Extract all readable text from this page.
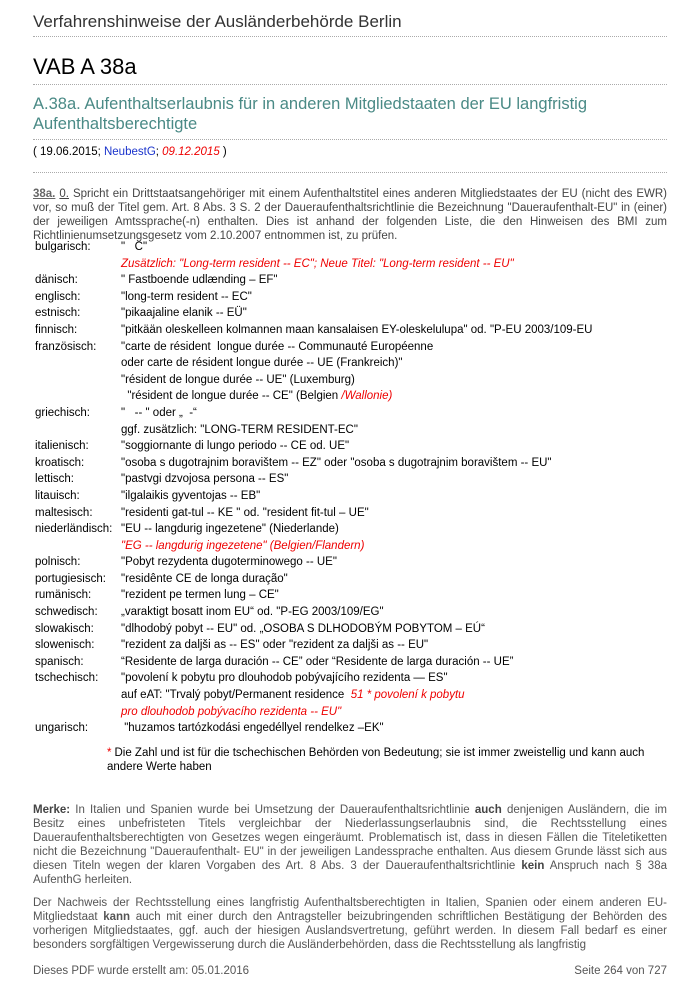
Verfahrenshinweise der Ausländerbehörde Berlin
VAB A 38a
A.38a. Aufenthaltserlaubnis für in anderen Mitgliedstaaten der EU langfristig Aufenthaltsberechtigte
( 19.06.2015; NeubestG; 09.12.2015 )
38a. 0. Spricht ein Drittstaatsangehöriger mit einem Aufenthaltstitel eines anderen Mitgliedstaates der EU (nicht des EWR) vor, so muß der Titel gem. Art. 8 Abs. 3 S. 2 der Daueraufenthaltsrichtlinie die Bezeichnung "Daueraufenthalt-EU" in (einer) der jeweiligen Amtssprache(-n) enthalten. Dies ist anhand der folgenden Liste, die den Hinweisen des BMI zum Richtlinienumsetzungsgesetz vom 2.10.2007 entnommen ist, zu prüfen.
bulgarisch:	"   C"
	Zusätzlich: "Long-term resident -- EC"; Neue Titel: "Long-term resident -- EU"
dänisch:	" Fastboende udlænding – EF"
englisch:	"long-term resident -- EC"
estnisch:	"pikaajaline elanik -- EÜ"
finnisch:	"pitkään oleskelleen kolmannen maan kansalaisen EY-oleskelulupa" od. "P-EU 2003/109-EU
französisch:	"carte de résident  longue durée -- Communauté Européenne
	oder carte de résident longue durée -- UE (Frankreich)"
	"résident de longue durée -- UE" (Luxemburg)
	"résident de longue durée -- CE" (Belgien /Wallonie)
griechisch:	"   -- " oder „  -“
	ggf. zusätzlich: "LONG-TERM RESIDENT-EC"
italienisch:	"soggiornante di lungo periodo -- CE od. UE"
kroatisch:	"osoba s dugotrajnim boravištem -- EZ" oder "osoba s dugotrajnim boravištem -- EU"
lettisch:	"pastvgi dzvojosa persona -- ES"
litauisch:	"ilgalaikis gyventojas -- EB"
maltesisch:	"residenti gat-tul -- KE " od. "resident fit-tul – UE"
niederländisch:	"EU -- langdurig ingezetene" (Niederlande)
	"EG -- langdurig ingezetene" (Belgien/Flandern)
polnisch:	"Pobyt rezydenta dugoterminowego -- UE"
portugiesisch:	"residênte CE de longa duração"
rumänisch:	"rezident pe termen lung – CE"
schwedisch:	„varaktigt bosatt inom EU“ od. "P-EG 2003/109/EG"
slowakisch:	"dlhodobý pobyt -- EU" od. „OSOBA S DLHODOBÝM POBYTOM – EÚ“
slowenisch:	"rezident za daljši as -- ES" oder "rezident za daljši as -- EU"
spanisch:	“Residente de larga duración -- CE” oder “Residente de larga duración -- UE”
tschechisch:	"povolení k pobytu pro dlouhodob pobývajícího rezidenta — ES"
	auf eAT: "Trvalý pobyt/Permanent residence  51 * povolení k pobytu
	pro dlouhodob pobývacího rezidenta -- EU"
ungarisch:	"huzamos tartózkodási engedéllyel rendelkez –EK"
* Die Zahl und ist für die tschechischen Behörden von Bedeutung; sie ist immer zweistellig und kann auch andere Werte haben
Merke: In Italien und Spanien wurde bei Umsetzung der Daueraufenthaltsrichtlinie auch denjenigen Ausländern, die im Besitz eines unbefristeten Titels vergleichbar der Niederlassungserlaubnis sind, die Rechtsstellung eines Daueraufenthaltsberechtigten von Gesetzes wegen eingeräumt. Problematisch ist, dass in diesen Fällen die Titeletiketten nicht die Bezeichnung "Daueraufenthalt- EU" in der jeweiligen Landessprache enthalten. Aus diesem Grunde lässt sich aus diesen Titeln wegen der klaren Vorgaben des Art. 8 Abs. 3 der Daueraufenthaltsrichtlinie kein Anspruch nach § 38a AufenthG herleiten.
Der Nachweis der Rechtsstellung eines langfristig Aufenthaltsberechtigten in Italien, Spanien oder einem anderen EU-Mitgliedstaat kann auch mit einer durch den Antragsteller beizubringenden schriftlichen Bestätigung der Behörden des vorherigen Mitgliedstaates, ggf. auch der hiesigen Auslandsvertretung, geführt werden. In diesem Fall bedarf es einer besonders sorgfältigen Vergewisserung durch die Ausländerbehörden, dass die Rechtsstellung als langfristig
Dieses PDF wurde erstellt am: 05.01.2016	Seite 264 von 727
